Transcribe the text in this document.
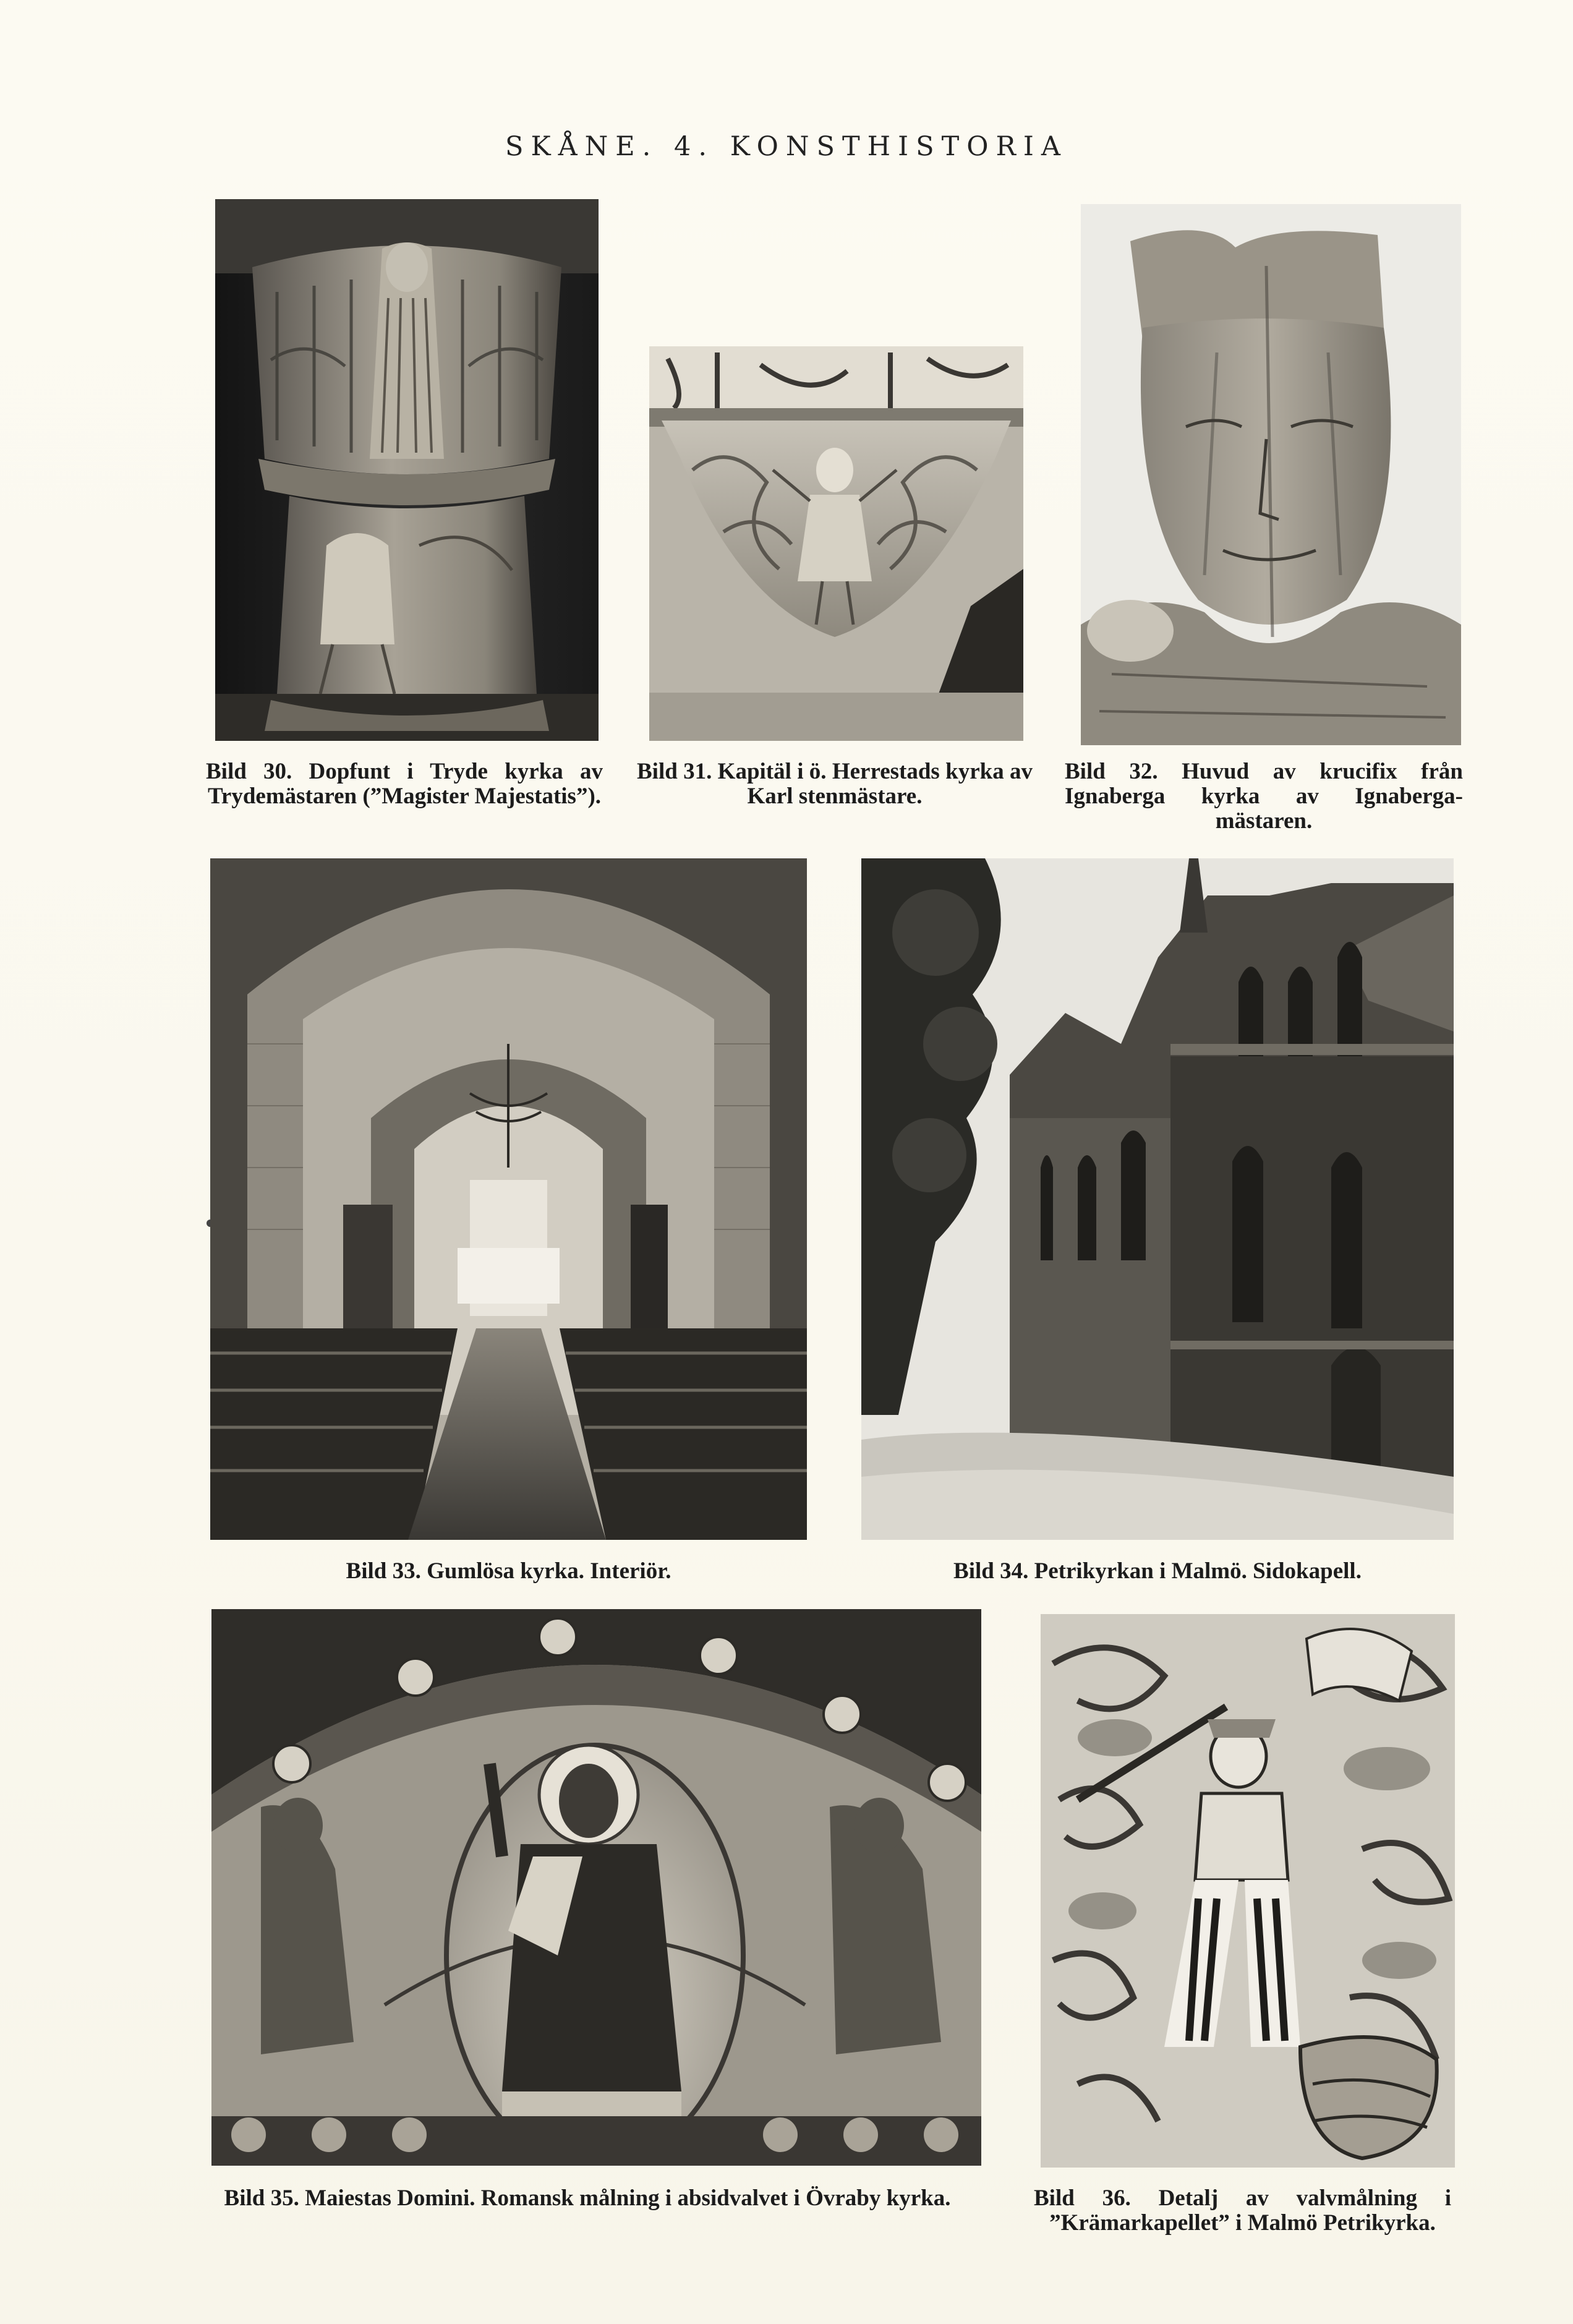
SKÅNE. 4. KONSTHISTORIA
Bild 30. Dopfunt i Tryde kyrka av Trydemästaren (”Magister Majestatis”).
Bild 31. Kapitäl i ö. Herrestads kyrka av Karl stenmästare.
Bild 32. Huvud av krucifix från Ignaberga kyrka av Ignaberga-mästaren.
Bild 33. Gumlösa kyrka. Interiör.	Bild 34. Petrikyrkan i Malmö. Sidokapell.
Bild 35. Maiestas Domini. Romansk målning i absidvalvet i Övraby kyrka.	Bild 36. Detalj av valvmålning i ”Krämarkapellet” i Malmö Petrikyrka.
